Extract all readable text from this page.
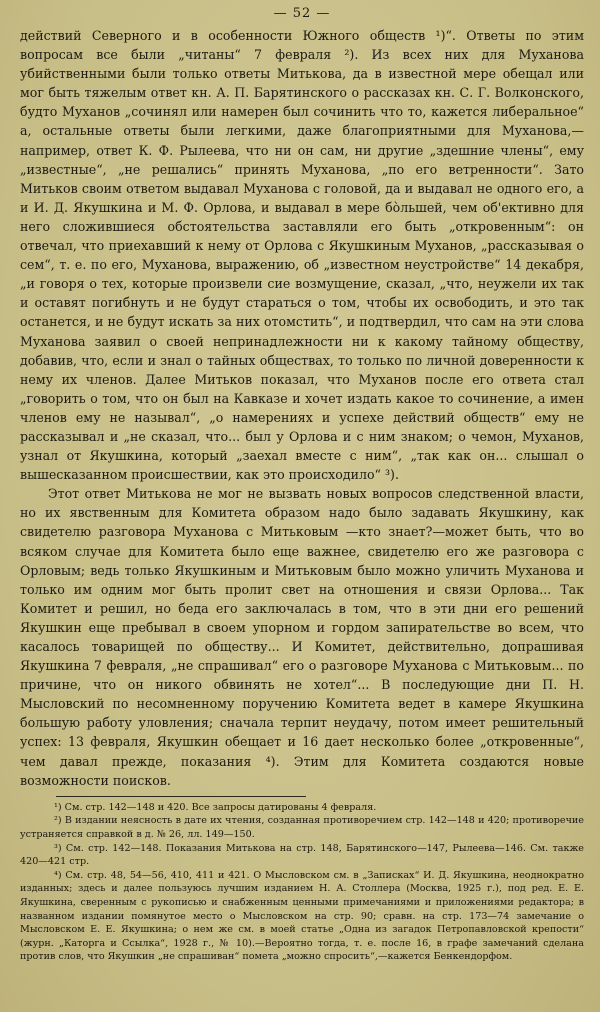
— 52 —

действий Северного и в особенности Южного обществ ¹)“. Ответы по этим вопросам все были „читаны“ 7 февраля ²). Из всех них для Муханова убийственными были только ответы Митькова, да в известной мере обещал или мог быть тяжелым ответ кн. А. П. Барятинского о рассказах кн. С. Г. Волконского, будто Муханов „сочинял или намерен был сочинить что то, кажется либеральное“ а, остальные ответы были легкими, даже благоприятными для Муханова,—например, ответ К. Ф. Рылеева, что ни он сам, ни другие „здешние члены“, ему „известные“, „не решались“ принять Муханова, „по его ветренности“. Зато Митьков своим ответом выдавал Муханова с головой, да и выдавал не одного его, а и И. Д. Якушкина и М. Ф. Орлова, и выдавал в мере бо̀льшей, чем об'ективно для него сложившиеся обстоятельства заставляли его быть „откровенным“: он отвечал, что приехавший к нему от Орлова с Якушкиным Муханов, „рассказывая о сем“, т. е. по его, Муханова, выражению, об „известном неустройстве“ 14 декабря, „и говоря о тех, которые произвели сие возмущение, сказал, „что, неужели их так и оставят погибнуть и не будут стараться о том, чтобы их освободить, и это так останется, и не будут искать за них отомстить“, и подтвердил, что сам на эти слова Муханова заявил о своей непринадлежности ни к какому тайному обществу, добавив, что, если и знал о тайных обществах, то только по личной доверенности к нему их членов. Далее Митьков показал, что Муханов после его ответа стал „говорить о том, что он был на Кавказе и хочет издать какое то сочинение, а имен членов ему не называл“, „о намерениях и успехе действий обществ“ ему не рассказывал и „не сказал, что... был у Орлова и с ним знаком; о чемон, Муханов, узнал от Якушкина, который „заехал вместе с ним“, „так как он... слышал о вышесказанном происшествии, как это происходило“ ³).

Этот ответ Митькова не мог не вызвать новых вопросов следственной власти, но их явственным для Комитета образом надо было задавать Якушкину, как свидетелю разговора Муханова с Митьковым —кто знает?—может быть, что во всяком случае для Комитета было еще важнее, свидетелю его же разговора с Орловым; ведь только Якушкиным и Митьковым было можно уличить Муханова и только им одним мог быть пролит свет на отношения и связи Орлова... Так Комитет и решил, но беда его заключалась в том, что в эти дни его решений Якушкин еще пребывал в своем упорном и гордом запирательстве во всем, что касалось товарищей по обществу... И Комитет, действительно, допрашивая Якушкина 7 февраля, „не спрашивал“ его о разговоре Муханова с Митьковым... по причине, что он никого обвинять не хотел“... В последующие дни П. Н. Мысловский по несомненному поручению Комитета ведет в камере Якушкина большую работу уловления; сначала терпит неудачу, потом имеет решительный успех: 13 февраля, Якушкин обещает и 16 дает несколько более „откровенные“, чем давал прежде, показания ⁴). Этим для Комитета создаются новые возможности поисков.

¹) См. стр. 142—148 и 420. Все запросы датированы 4 февраля.

²) В издании неясность в дате их чтения, созданная противоречием стр. 142—148 и 420; противоречие устраняется справкой в д. № 26, лл. 149—150.

³) См. стр. 142—148. Показания Митькова на стр. 148, Барятинского—147, Рылеева—146. См. также 420—421 стр.

⁴) См. стр. 48, 54—56, 410, 411 и 421. О Мысловском см. в „Записках“ И. Д. Якушкина, неоднократно изданных; здесь и далее пользуюсь лучшим изданием Н. А. Столлера (Москва, 1925 г.), под ред. Е. Е. Якушкина, сверенным с рукописью и снабженным ценными примечаниями и приложениями редактора; в названном издании помянутое место о Мысловском на стр. 90; сравн. на стр. 173—74 замечание о Мысловском Е. Е. Якушкина; о нем же см. в моей статье „Одна из загадок Петропавловской крепости“ (журн. „Каторга и Ссылка“, 1928 г., № 10).—Вероятно тогда, т. е. после 16, в графе замечаний сделана против слов, что Якушкин „не спрашиван“ помета „можно спросить“,—кажется Бенкендорфом.
